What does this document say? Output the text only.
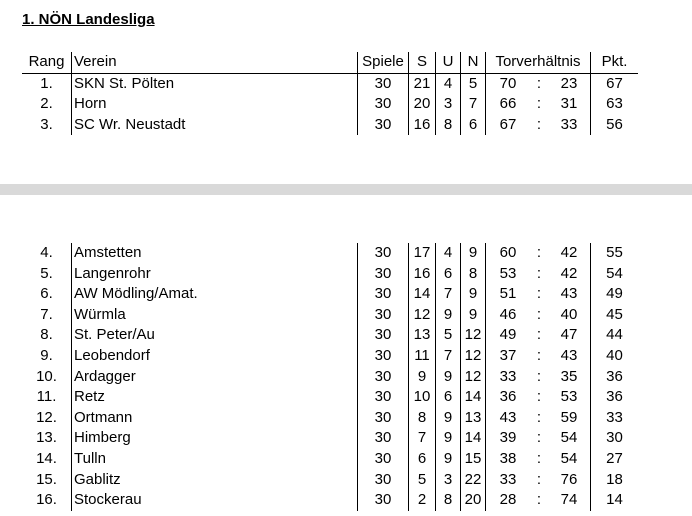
1. NÖN Landesliga
Rang	Verein	Spiele	S	U	N	Torverhältnis			Pkt.
1.	SKN St. Pölten	30	21	4	5	70	:	23	67
2.	Horn	30	20	3	7	66	:	31	63
3.	SC Wr. Neustadt	30	16	8	6	67	:	33	56
4.	Amstetten	30	17	4	9	60	:	42	55
5.	Langenrohr	30	16	6	8	53	:	42	54
6.	AW Mödling/Amat.	30	14	7	9	51	:	43	49
7.	Würmla	30	12	9	9	46	:	40	45
8.	St. Peter/Au	30	13	5	12	49	:	47	44
9.	Leobendorf	30	11	7	12	37	:	43	40
10.	Ardagger	30	9	9	12	33	:	35	36
11.	Retz	30	10	6	14	36	:	53	36
12.	Ortmann	30	8	9	13	43	:	59	33
13.	Himberg	30	7	9	14	39	:	54	30
14.	Tulln	30	6	9	15	38	:	54	27
15.	Gablitz	30	5	3	22	33	:	76	18
16.	Stockerau	30	2	8	20	28	:	74	14
